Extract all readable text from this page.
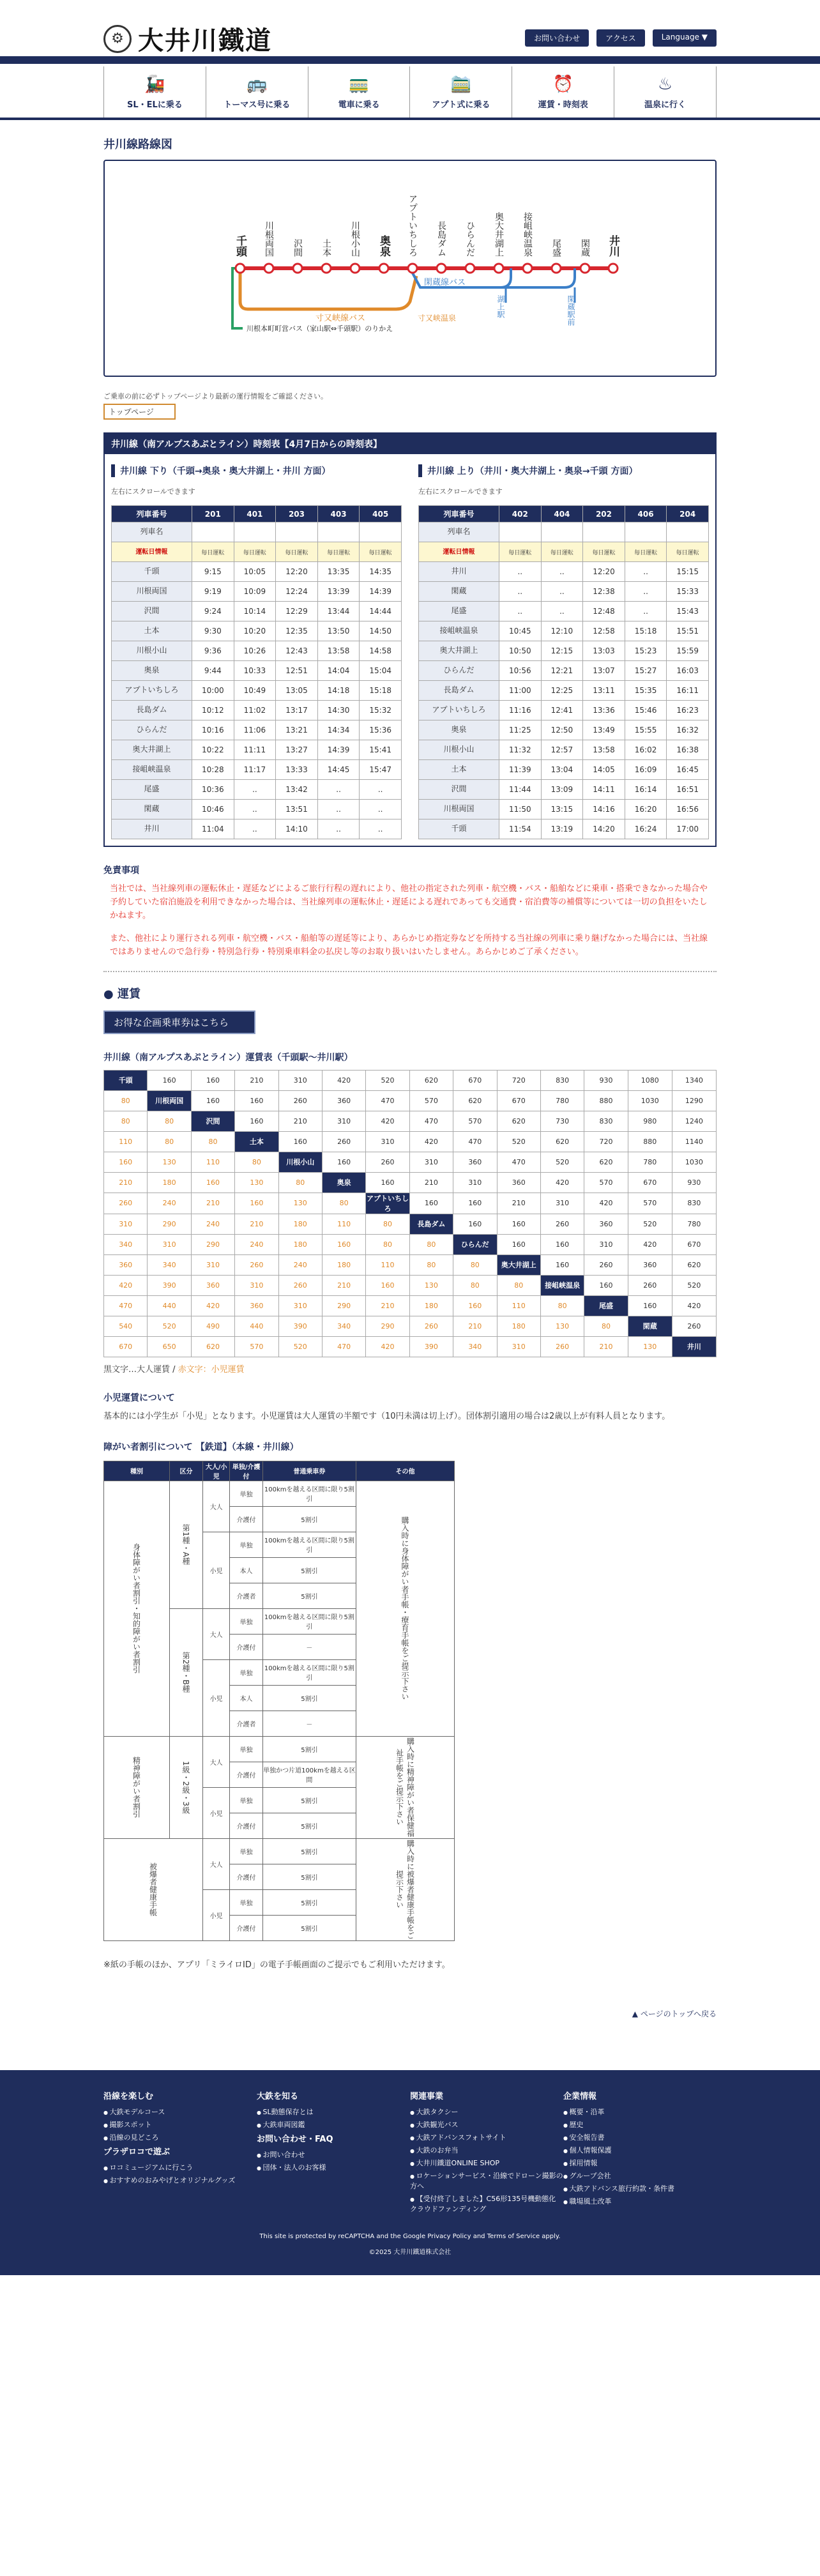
⚙ 大井川鐵道	お問い合わせ	アクセス	Language ▼
🚂
SL・ELに乗る
🚌
トーマス号に乗る
🚃
電車に乗る
🚞
アプト式に乗る
⏰
運賃・時刻表
♨
温泉に行く
井川線路線図
千頭 川根両国 沢間 土本 川根小山 奥泉 アプトいちしろ 長島ダム ひらんだ 奥大井湖上 接岨峡温泉 尾盛 閑蔵 井川
寸又峡線バス
閑蔵線バス
寸又峡温泉	湖上駅	閑蔵駅前
川根本町町営バス（家山駅⇔千頭駅）のりかえ

ご乗車の前に必ずトップページより最新の運行情報をご確認ください。

トップページ
井川線（南アルプスあぷとライン）時刻表【4月7日からの時刻表】
井川線 下り（千頭→奥泉・奥大井湖上・井川 方面）
左右にスクロールできます
列車番号	201	401	203	403	405
列車名					
運転日情報	毎日運転	毎日運転	毎日運転	毎日運転	毎日運転
千頭	9:15	10:05	12:20	13:35	14:35
川根両国	9:19	10:09	12:24	13:39	14:39
沢間	9:24	10:14	12:29	13:44	14:44
土本	9:30	10:20	12:35	13:50	14:50
川根小山	9:36	10:26	12:43	13:58	14:58
奥泉	9:44	10:33	12:51	14:04	15:04
アプトいちしろ	10:00	10:49	13:05	14:18	15:18
長島ダム	10:12	11:02	13:17	14:30	15:32
ひらんだ	10:16	11:06	13:21	14:34	15:36
奥大井湖上	10:22	11:11	13:27	14:39	15:41
接岨峡温泉	10:28	11:17	13:33	14:45	15:47
尾盛	10:36	..	13:42	..	..
閑蔵	10:46	..	13:51	..	..
井川	11:04	..	14:10	..	..
井川線 上り（井川・奥大井湖上・奥泉→千頭 方面）
左右にスクロールできます
列車番号	402	404	202	406	204
列車名					
運転日情報	毎日運転	毎日運転	毎日運転	毎日運転	毎日運転
井川	..	..	12:20	..	15:15
閑蔵	..	..	12:38	..	15:33
尾盛	..	..	12:48	..	15:43
接岨峡温泉	10:45	12:10	12:58	15:18	15:51
奥大井湖上	10:50	12:15	13:03	15:23	15:59
ひらんだ	10:56	12:21	13:07	15:27	16:03
長島ダム	11:00	12:25	13:11	15:35	16:11
アプトいちしろ	11:16	12:41	13:36	15:46	16:23
奥泉	11:25	12:50	13:49	15:55	16:32
川根小山	11:32	12:57	13:58	16:02	16:38
土本	11:39	13:04	14:05	16:09	16:45
沢間	11:44	13:09	14:11	16:14	16:51
川根両国	11:50	13:15	14:16	16:20	16:56
千頭	11:54	13:19	14:20	16:24	17:00
免責事項

当社では、当社線列車の運転休止・遅延などによるご旅行行程の遅れにより、他社の指定された列車・航空機・バス・船舶などに乗車・搭乗できなかった場合や予約していた宿泊施設を利用できなかった場合は、当社線列車の運転休止・遅延による遅れであっても交通費・宿泊費等の補償等については一切の負担をいたしかねます。

また、他社により運行される列車・航空機・バス・船舶等の遅延等により、あらかじめ指定券などを所持する当社線の列車に乗り継げなかった場合には、当社線ではありませんので急行券・特別急行券・特別乗車料金の払戻し等のお取り扱いはいたしません。あらかじめご了承ください。

● 運賃
お得な企画乗車券はこちら
井川線（南アルプスあぷとライン）運賃表（千頭駅～井川駅）
千頭	160	160	210	310	420	520	620	670	720	830	930	1080	1340
80	川根両国	160	160	260	360	470	570	620	670	780	880	1030	1290
80	80	沢間	160	210	310	420	470	570	620	730	830	980	1240
110	80	80	土本	160	260	310	420	470	520	620	720	880	1140
160	130	110	80	川根小山	160	260	310	360	470	520	620	780	1030
210	180	160	130	80	奥泉	160	210	310	360	420	570	670	930
260	240	210	160	130	80	アプトいちしろ	160	160	210	310	420	570	830
310	290	240	210	180	110	80	長島ダム	160	160	260	360	520	780
340	310	290	240	180	160	80	80	ひらんだ	160	160	310	420	670
360	340	310	260	240	180	110	80	80	奥大井湖上	160	260	360	620
420	390	360	310	260	210	160	130	80	80	接岨峡温泉	160	260	520
470	440	420	360	310	290	210	180	160	110	80	尾盛	160	420
540	520	490	440	390	340	290	260	210	180	130	80	閑蔵	260
670	650	620	570	520	470	420	390	340	310	260	210	130	井川

黒文字…大人運賃 / 赤文字：小児運賃

小児運賃について

基本的には小学生が「小児」となります。小児運賃は大人運賃の半額です（10円未満は切上げ）。団体割引適用の場合は2歳以上が有料人員となります。

障がい者割引について 【鉄道】（本線・井川線）
種別	区分	大人/小児	単独/介護付	普通乗車券	その他

身体障がい者割引・知的障がい者割引	第1種・A種	大人	単独	100kmを越える区間に限り5割引	購入時に身体障がい者手帳・療育手帳をご提示下さい

			介護付	5割引	
		小児	単独	100kmを越える区間に限り5割引	
			本人	5割引	
			介護者	5割引	

	第2種・B種	大人	単独	100kmを越える区間に限り5割引	
			介護付	－	
		小児	単独	100kmを越える区間に限り5割引	
			本人	5割引	
			介護者	－	

精神障がい者割引	1級・2級・3級	大人	単独	5割引	購入時に精神障がい者保健福祉手帳をご提示下さい

			介護付	単独かつ片道100kmを越える区間	
		小児	単独	5割引	
			介護付	5割引	

被爆者健康手帳		大人	単独	5割引	購入時に被爆者健康手帳をご提示下さい

			介護付	5割引	
		小児	単独	5割引	
			介護付	5割引	

※紙の手帳のほか、アプリ「ミライロID」の電子手帳画面のご提示でもご利用いただけます。

▲ ページのトップへ戻る

沿線を楽しむ
● 大鉄モデルコース
● 撮影スポット
● 沿線の見どころ
プラザロコで遊ぶ
● ロコミュージアムに行こう
● おすすめのおみやげとオリジナルグッズ
大鉄を知る
● SL動態保存とは
● 大鉄車両図鑑
お問い合わせ・FAQ
● お問い合わせ
● 団体・法人のお客様
関連事業
● 大鉄タクシー
● 大鉄観光バス
● 大鉄アドバンスフォトサイト
● 大鉄のお弁当
● 大井川鐵道ONLINE SHOP
● ロケーションサービス・沿線でドローン撮影の方へ
● 【受付終了しました】C56形135号機動態化 クラウドファンディング
企業情報
● 概要・沿革
● 歴史
● 安全報告書
● 個人情報保護
● 採用情報
● グループ会社
● 大鉄アドバンス旅行約款・条件書
● 職場風土改革

This site is protected by reCAPTCHA and the Google Privacy Policy and Terms of Service apply.

©2025 大井川鐵道株式会社
